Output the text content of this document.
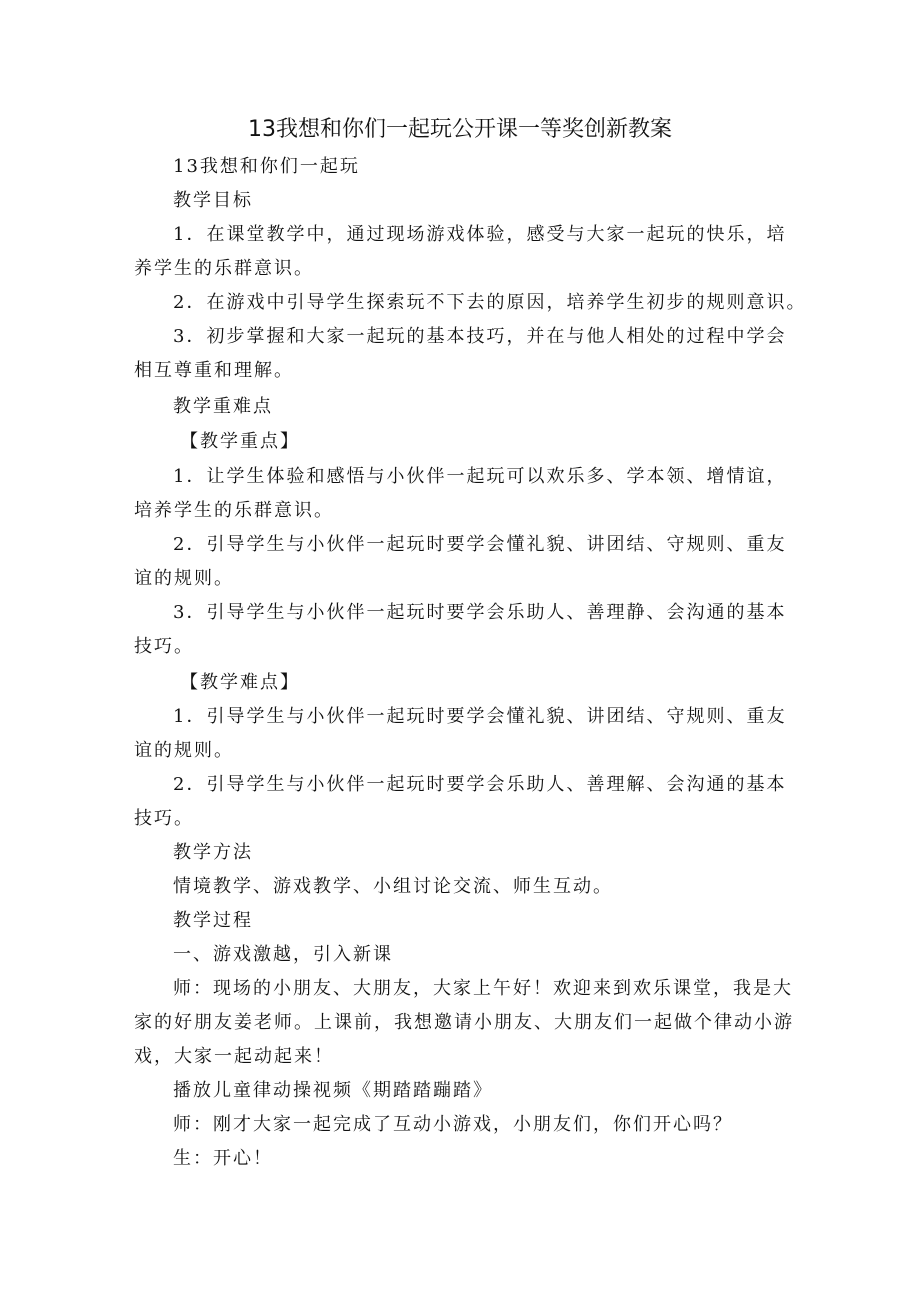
13我想和你们一起玩公开课一等奖创新教案

13我想和你们一起玩

教学目标

1．在课堂教学中，通过现场游戏体验，感受与大家一起玩的快乐，培

养学生的乐群意识。

2．在游戏中引导学生探索玩不下去的原因，培养学生初步的规则意识。

3．初步掌握和大家一起玩的基本技巧，并在与他人相处的过程中学会

相互尊重和理解。

教学重难点

【教学重点】

1．让学生体验和感悟与小伙伴一起玩可以欢乐多、学本领、增情谊，

培养学生的乐群意识。

2．引导学生与小伙伴一起玩时要学会懂礼貌、讲团结、守规则、重友

谊的规则。

3．引导学生与小伙伴一起玩时要学会乐助人、善理静、会沟通的基本

技巧。

【教学难点】

1．引导学生与小伙伴一起玩时要学会懂礼貌、讲团结、守规则、重友

谊的规则。

2．引导学生与小伙伴一起玩时要学会乐助人、善理解、会沟通的基本

技巧。

教学方法

情境教学、游戏教学、小组讨论交流、师生互动。

教学过程

一、游戏激越，引入新课

师：现场的小朋友、大朋友，大家上午好！欢迎来到欢乐课堂，我是大

家的好朋友姜老师。上课前，我想邀请小朋友、大朋友们一起做个律动小游

戏，大家一起动起来！

播放儿童律动操视频《期踏踏蹦踏》

师：刚才大家一起完成了互动小游戏，小朋友们，你们开心吗？

生：开心！
